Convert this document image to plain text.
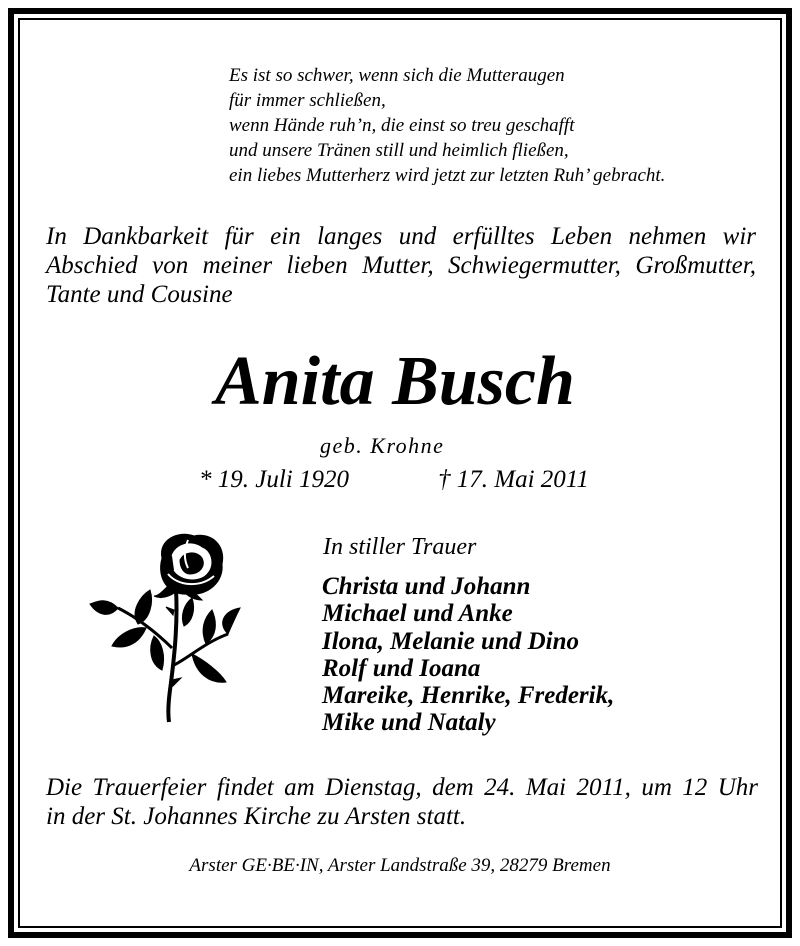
Es ist so schwer, wenn sich die Mutteraugen
für immer schließen,
wenn Hände ruh’n, die einst so treu geschafft
und unsere Tränen still und heimlich fließen,
ein liebes Mutterherz wird jetzt zur letzten Ruh’ gebracht.
In Dankbarkeit für ein langes und erfülltes Leben nehmen wir
Abschied von meiner lieben Mutter, Schwiegermutter, Großmutter,
Tante und Cousine
Anita Busch
geb. Krohne
* 19. Juli 1920	† 17. Mai 2011
In stiller Trauer
Christa und Johann
Michael und Anke
Ilona, Melanie und Dino
Rolf und Ioana
Mareike, Henrike, Frederik,
Mike und Nataly
Die Trauerfeier findet am Dienstag, dem 24. Mai 2011, um 12 Uhr
in der St. Johannes Kirche zu Arsten statt.
Arster GE·BE·IN, Arster Landstraße 39, 28279 Bremen
